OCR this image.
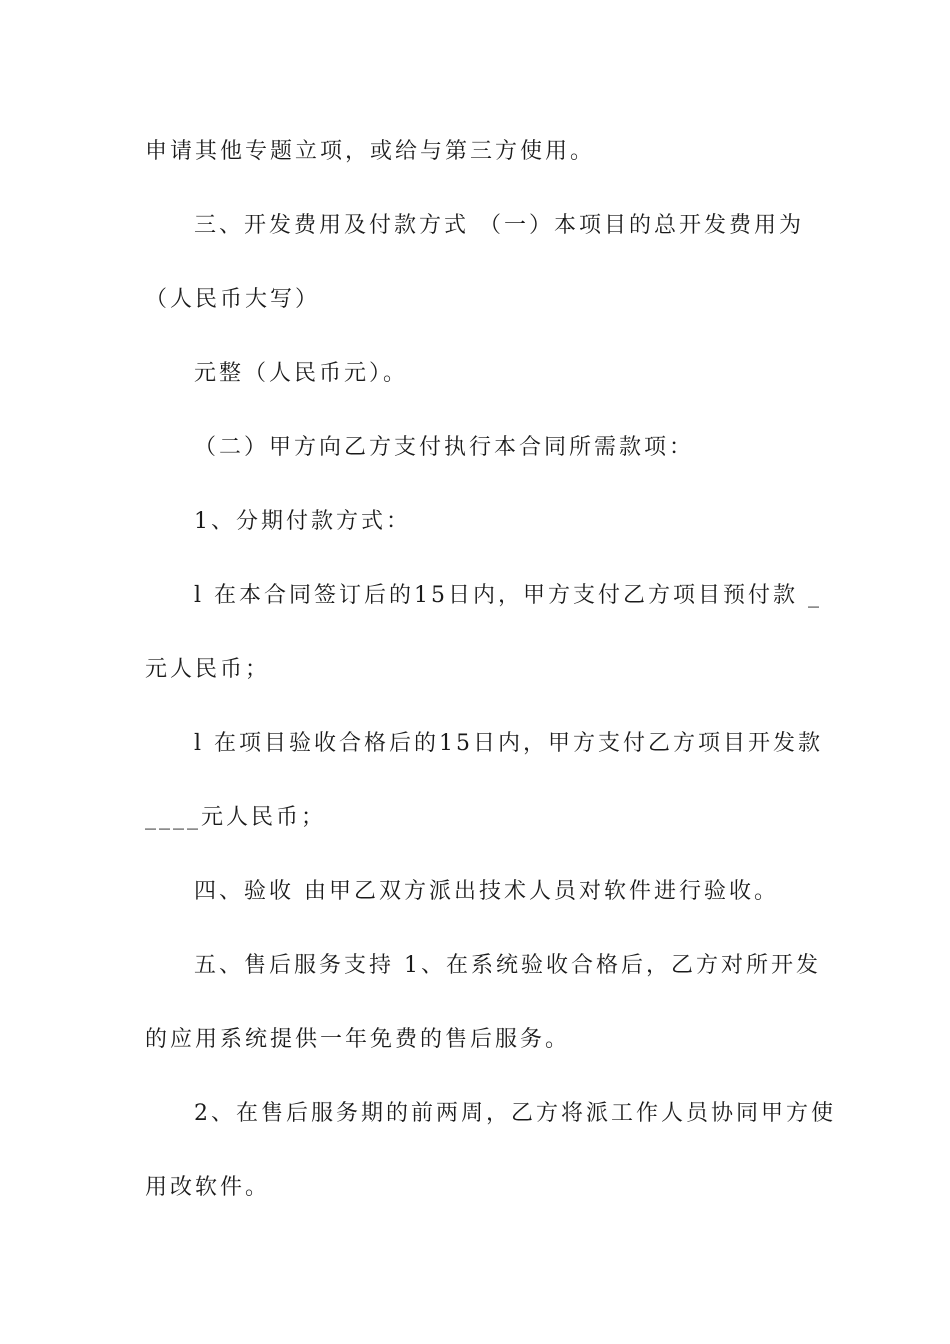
申请其他专题立项，或给与第三方使用。
三、开发费用及付款方式 （一）本项目的总开发费用为
（人民币大写）
元整（人民币元）。
（二）甲方向乙方支付执行本合同所需款项：
1、分期付款方式：
l 在本合同签订后的15日内，甲方支付乙方项目预付款 _
元人民币；
l 在项目验收合格后的15日内，甲方支付乙方项目开发款
____元人民币；
四、验收 由甲乙双方派出技术人员对软件进行验收。
五、售后服务支持 1、在系统验收合格后，乙方对所开发
的应用系统提供一年免费的售后服务。
2、在售后服务期的前两周，乙方将派工作人员协同甲方使
用改软件。
